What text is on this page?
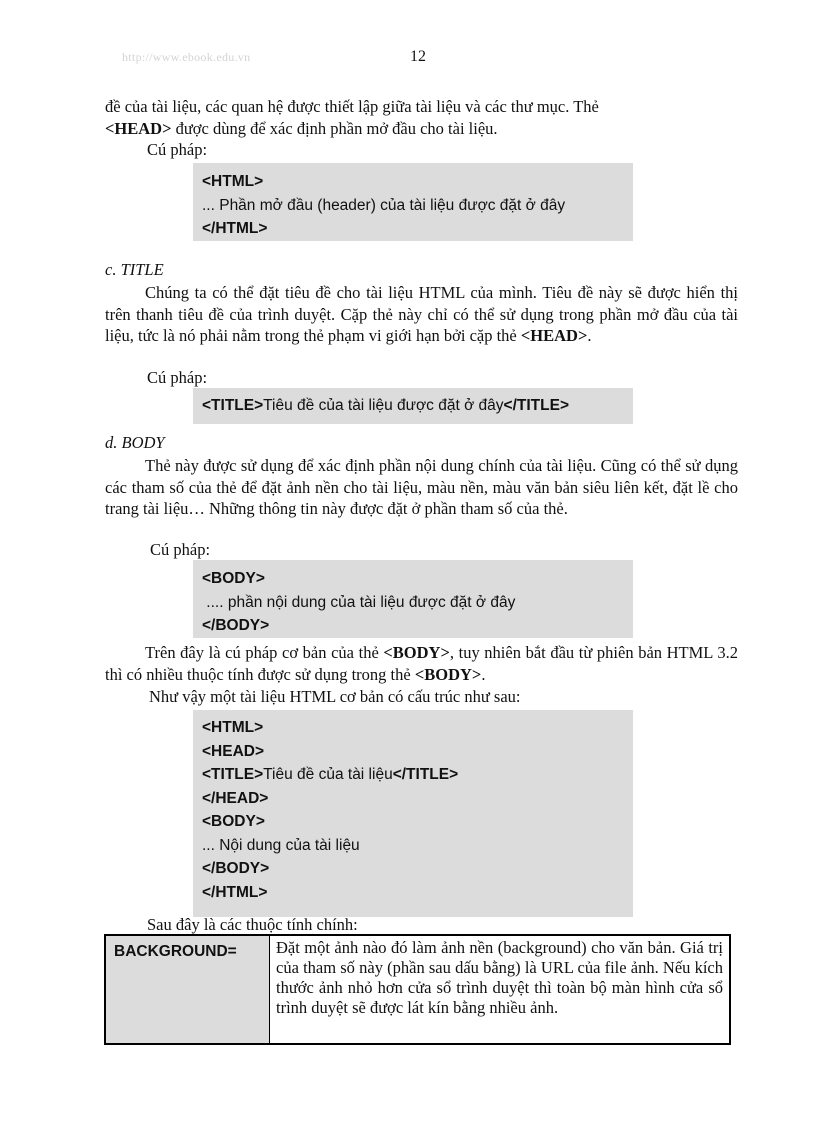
http://www.ebook.edu.vn	12

đề của tài liệu, các quan hệ được thiết lập giữa tài liệu và các thư mục. Thẻ
<HEAD> được dùng để xác định phần mở đầu cho tài liệu.

Cú pháp:
<HTML>
... Phần mở đầu (header) của tài liệu được đặt ở đây
</HTML>
c. TITLE

Chúng ta có thể đặt tiêu đề cho tài liệu HTML của mình. Tiêu đề này sẽ được hiển thị trên thanh tiêu đề của trình duyệt. Cặp thẻ này chỉ có thể sử dụng trong phần mở đầu của tài liệu, tức là nó phải nằm trong thẻ phạm vi giới hạn bởi cặp thẻ <HEAD>.

Cú pháp:
<TITLE>Tiêu đề của tài liệu được đặt ở đây</TITLE>
d. BODY

Thẻ này được sử dụng để xác định phần nội dung chính của tài liệu. Cũng có thể sử dụng các tham số của thẻ để đặt ảnh nền cho tài liệu, màu nền, màu văn bản siêu liên kết, đặt lề cho trang tài liệu… Những thông tin này được đặt ở phần tham số của thẻ.

Cú pháp:
<BODY>
.... phần nội dung của tài liệu được đặt ở đây
</BODY>

Trên đây là cú pháp cơ bản của thẻ <BODY>, tuy nhiên bắt đầu từ phiên bản HTML 3.2 thì có nhiều thuộc tính được sử dụng trong thẻ <BODY>.

Như vậy một tài liệu HTML cơ bản có cấu trúc như sau:
<HTML>
<HEAD>
<TITLE>Tiêu đề của tài liệu</TITLE>
</HEAD>
<BODY>
... Nội dung của tài liệu
</BODY>
</HTML>
Sau đây là các thuộc tính chính:
BACKGROUND=	Đặt một ảnh nào đó làm ảnh nền (background) cho văn bản. Giá trị của tham số này (phần sau dấu bằng) là URL của file ảnh. Nếu kích thước ảnh nhỏ hơn cửa sổ trình duyệt thì toàn bộ màn hình cửa sổ trình duyệt sẽ được lát kín bằng nhiều ảnh.
